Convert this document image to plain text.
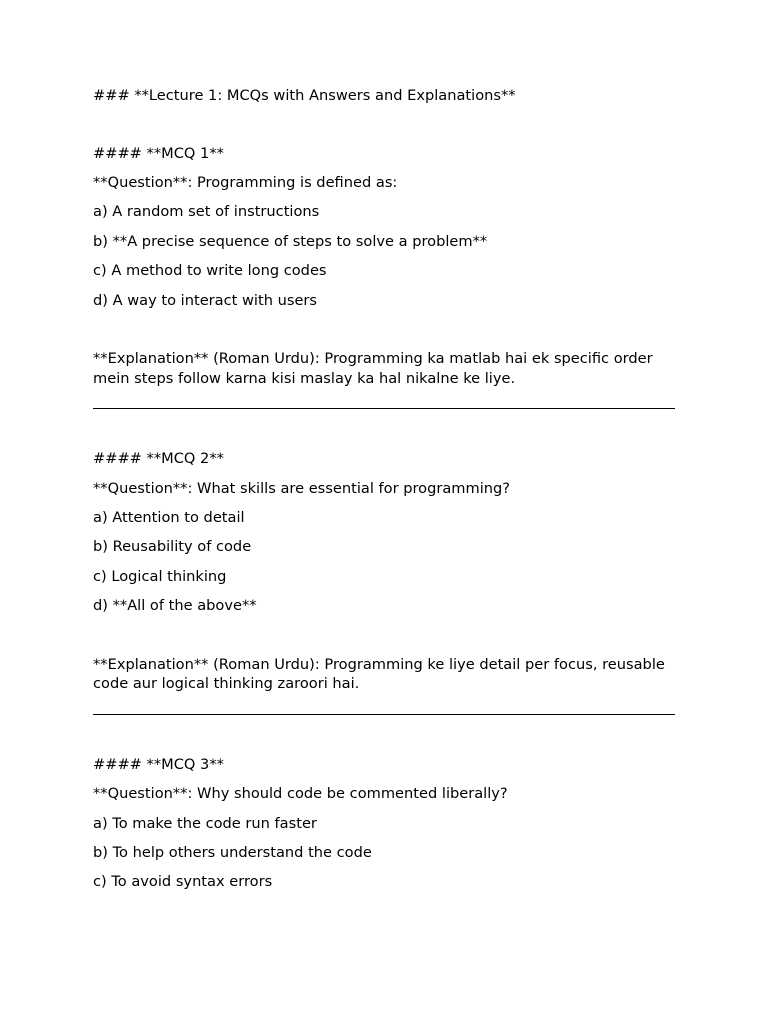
### **Lecture 1: MCQs with Answers and Explanations**

#### **MCQ 1**

**Question**: Programming is defined as:

a) A random set of instructions

b) **A precise sequence of steps to solve a problem**

c) A method to write long codes

d) A way to interact with users

**Explanation** (Roman Urdu): Programming ka matlab hai ek specific order mein steps follow karna kisi maslay ka hal nikalne ke liye.

#### **MCQ 2**

**Question**: What skills are essential for programming?

a) Attention to detail

b) Reusability of code

c) Logical thinking

d) **All of the above**

**Explanation** (Roman Urdu): Programming ke liye detail per focus, reusable code aur logical thinking zaroori hai.

#### **MCQ 3**

**Question**: Why should code be commented liberally?

a) To make the code run faster

b) To help others understand the code

c) To avoid syntax errors
